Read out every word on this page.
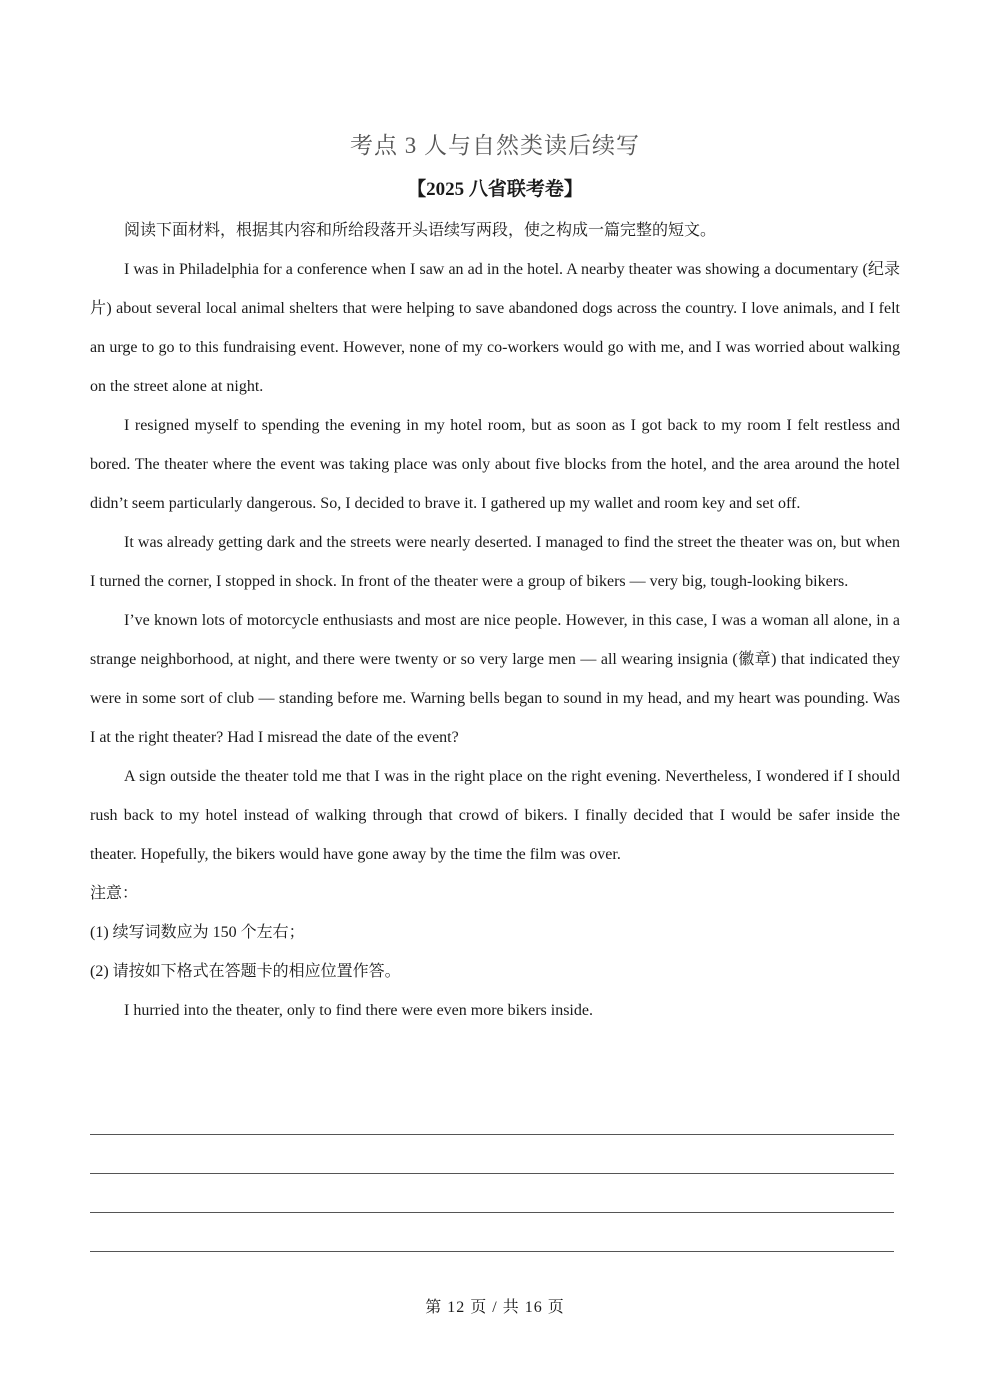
考点 3 人与自然类读后续写
【2025 八省联考卷】

阅读下面材料，根据其内容和所给段落开头语续写两段，使之构成一篇完整的短文。

I was in Philadelphia for a conference when I saw an ad in the hotel. A nearby theater was showing a documentary (纪录片) about several local animal shelters that were helping to save abandoned dogs across the country. I love animals, and I felt an urge to go to this fundraising event. However, none of my co-workers would go with me, and I was worried about walking on the street alone at night.

I resigned myself to spending the evening in my hotel room, but as soon as I got back to my room I felt restless and bored. The theater where the event was taking place was only about five blocks from the hotel, and the area around the hotel didn’t seem particularly dangerous. So, I decided to brave it. I gathered up my wallet and room key and set off.

It was already getting dark and the streets were nearly deserted. I managed to find the street the theater was on, but when I turned the corner, I stopped in shock. In front of the theater were a group of bikers — very big, tough-looking bikers.

I’ve known lots of motorcycle enthusiasts and most are nice people. However, in this case, I was a woman all alone, in a strange neighborhood, at night, and there were twenty or so very large men — all wearing insignia (徽章) that indicated they were in some sort of club — standing before me. Warning bells began to sound in my head, and my heart was pounding. Was I at the right theater? Had I misread the date of the event?

A sign outside the theater told me that I was in the right place on the right evening. Nevertheless, I wondered if I should rush back to my hotel instead of walking through that crowd of bikers. I finally decided that I would be safer inside the theater. Hopefully, the bikers would have gone away by the time the film was over.

注意：

(1) 续写词数应为 150 个左右；

(2) 请按如下格式在答题卡的相应位置作答。

I hurried into the theater, only to find there were even more bikers inside.

第 12 页 / 共 16 页
